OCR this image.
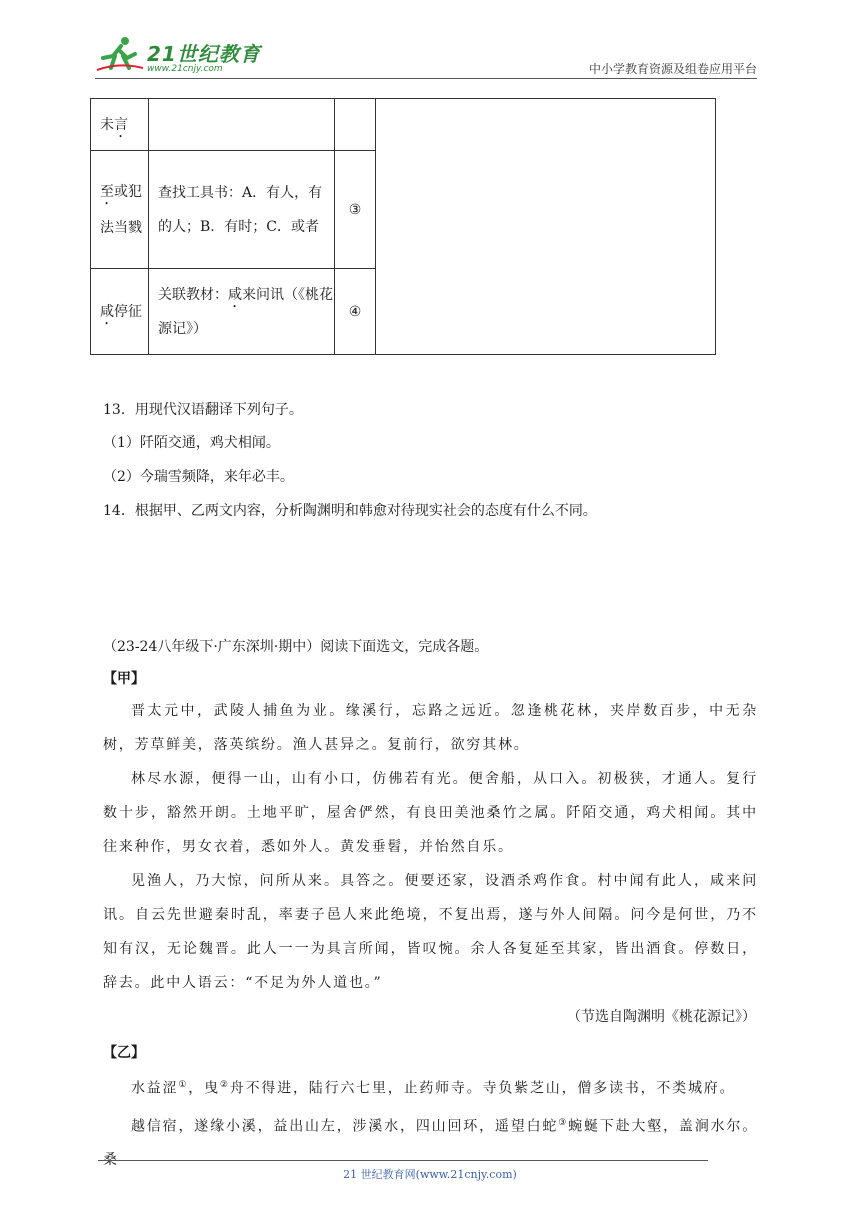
21世纪教育
www.21cnjy.com	中小学教育资源及组卷应用平台
未言			
至或犯法当戮	查找工具书：A．有人，有的人；B．有时；C．或者	③	
咸停征	关联教材：咸来问讯（《桃花源记》）	④	
13．用现代汉语翻译下列句子。
（1）阡陌交通，鸡犬相闻。
（2）今瑞雪频降，来年必丰。
14．根据甲、乙两文内容，分析陶渊明和韩愈对待现实社会的态度有什么不同。
（23-24八年级下·广东深圳·期中）阅读下面选文，完成各题。
【甲】

晋太元中，武陵人捕鱼为业。缘溪行，忘路之远近。忽逢桃花林，夹岸数百步，中无杂树，芳草鲜美，落英缤纷。渔人甚异之。复前行，欲穷其林。

林尽水源，便得一山，山有小口，仿佛若有光。便舍船，从口入。初极狭，才通人。复行数十步，豁然开朗。土地平旷，屋舍俨然，有良田美池桑竹之属。阡陌交通，鸡犬相闻。其中往来种作，男女衣着，悉如外人。黄发垂髫，并怡然自乐。

见渔人，乃大惊，问所从来。具答之。便要还家，设酒杀鸡作食。村中闻有此人，咸来问讯。自云先世避秦时乱，率妻子邑人来此绝境，不复出焉，遂与外人间隔。问今是何世，乃不知有汉，无论魏晋。此人一一为具言所闻，皆叹惋。余人各复延至其家，皆出酒食。停数日，辞去。此中人语云：“不足为外人道也。”

（节选自陶渊明《桃花源记》）
【乙】

水益涩①，曳②舟不得进，陆行六七里，止药师寺。寺负紫芝山，僧多读书，不类城府。

越信宿，遂缘小溪，益出山左，涉溪水，四山回环，遥望白蛇③蜿蜒下赴大壑，盖涧水尔。桑

21 世纪教育网(www.21cnjy.com)
